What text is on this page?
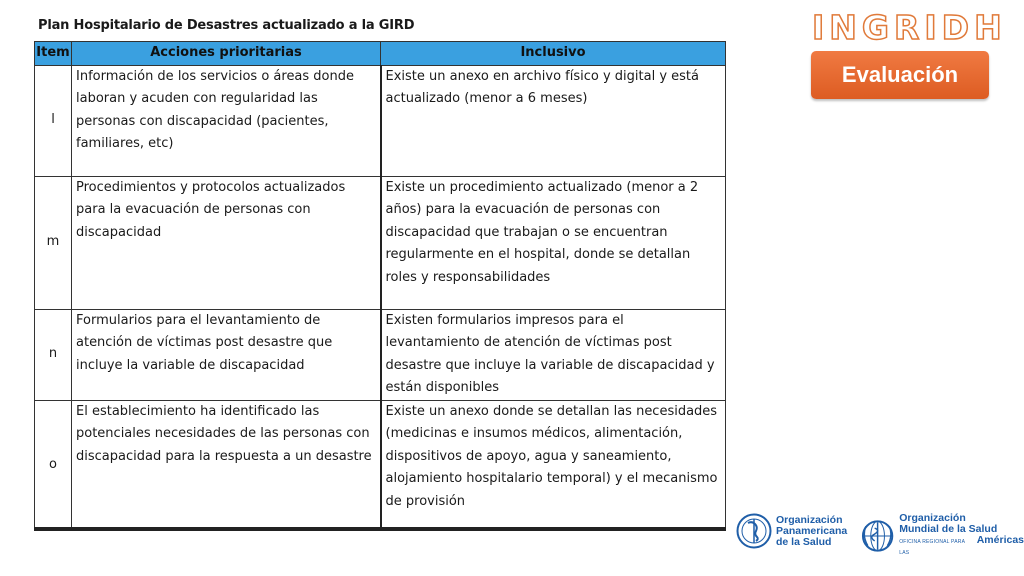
Plan Hospitalario de Desastres actualizado a la GIRD
Item	Acciones prioritarias	Inclusivo
l	Información de los servicios o áreas donde laboran y acuden con regularidad las personas con discapacidad (pacientes, familiares, etc)	Existe un anexo en archivo físico y digital y está actualizado (menor a 6 meses)
m	Procedimientos y protocolos actualizados para la evacuación de personas con discapacidad	Existe un procedimiento actualizado (menor a 2 años) para la evacuación de personas con discapacidad que trabajan o se encuentran regularmente en el hospital, donde se detallan roles y responsabilidades
n	Formularios para el levantamiento de atención de víctimas post desastre que incluye la variable de discapacidad	Existen formularios impresos para el levantamiento de atención de víctimas post desastre que incluye la variable de discapacidad y están disponibles
o	El establecimiento ha identificado las potenciales necesidades de las personas con discapacidad para la respuesta a un desastre	Existe un anexo donde se detallan las necesidades (medicinas e insumos médicos, alimentación, dispositivos de apoyo, agua y saneamiento, alojamiento hospitalario temporal) y el mecanismo de provisión
INGRIDH
Evaluación
Organización
Panamericana
de la Salud
Organización
Mundial de la Salud
OFICINA REGIONAL PARA LAS
Américas
